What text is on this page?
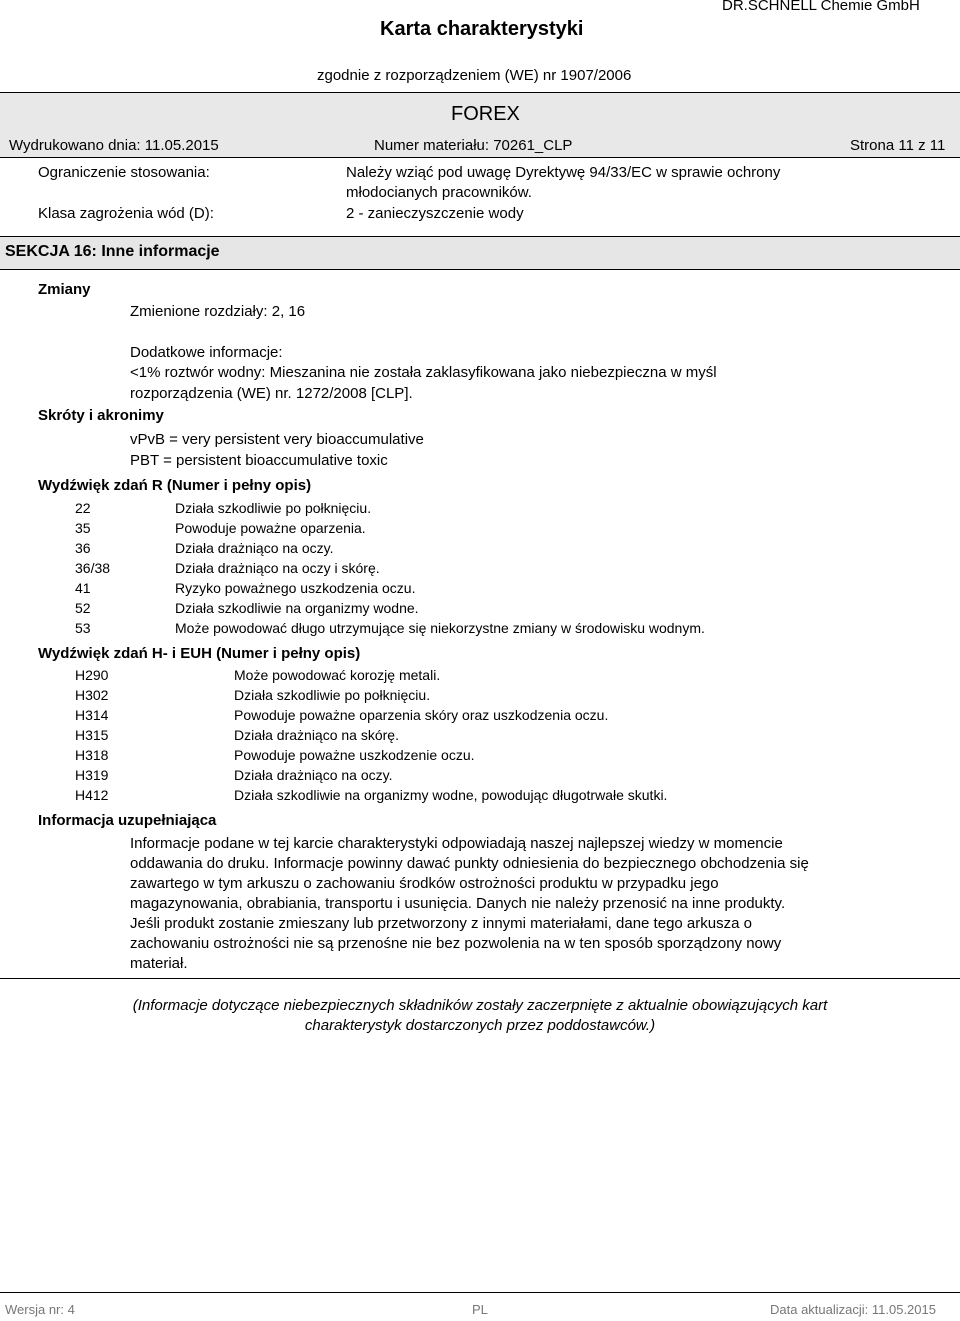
Karta charakterystyki
DR.SCHNELL Chemie GmbH
zgodnie z rozporządzeniem (WE) nr 1907/2006
FOREX
Wydrukowano dnia: 11.05.2015	Numer materiału: 70261_CLP	Strona 11 z 11
Ograniczenie stosowania:	Należy wziąć pod uwagę Dyrektywę 94/33/EC w sprawie ochrony
młodocianych pracowników.
Klasa zagrożenia wód (D):	2 - zanieczyszczenie wody
SEKCJA 16: Inne informacje
Zmiany
Zmienione rozdziały: 2, 16
Dodatkowe informacje:
<1% roztwór wodny: Mieszanina nie została zaklasyfikowana jako niebezpieczna w myśl
rozporządzenia (WE) nr. 1272/2008 [CLP].
Skróty i akronimy
vPvB = very persistent very bioaccumulative
PBT = persistent bioaccumulative toxic
Wydźwięk zdań R (Numer i pełny opis)
22	Działa szkodliwie po połknięciu.
35	Powoduje poważne oparzenia.
36	Działa drażniąco na oczy.
36/38	Działa drażniąco na oczy i skórę.
41	Ryzyko poważnego uszkodzenia oczu.
52	Działa szkodliwie na organizmy wodne.
53	Może powodować długo utrzymujące się niekorzystne zmiany w środowisku wodnym.
Wydźwięk zdań H- i EUH (Numer i pełny opis)
H290	Może powodować korozję metali.
H302	Działa szkodliwie po połknięciu.
H314	Powoduje poważne oparzenia skóry oraz uszkodzenia oczu.
H315	Działa drażniąco na skórę.
H318	Powoduje poważne uszkodzenie oczu.
H319	Działa drażniąco na oczy.
H412	Działa szkodliwie na organizmy wodne, powodując długotrwałe skutki.
Informacja uzupełniająca
Informacje podane w tej karcie charakterystyki odpowiadają naszej najlepszej wiedzy w momencie
oddawania do druku. Informacje powinny dawać punkty odniesienia do bezpiecznego obchodzenia się
zawartego w tym arkuszu o zachowaniu środków ostrożności produktu w przypadku jego
magazynowania, obrabiania, transportu i usunięcia. Danych nie należy przenosić na inne produkty.
Jeśli produkt zostanie zmieszany lub przetworzony z innymi materiałami, dane tego arkusza o
zachowaniu ostrożności nie są przenośne nie bez pozwolenia na w ten sposób sporządzony nowy
materiał.
(Informacje dotyczące niebezpiecznych składników zostały zaczerpnięte z aktualnie obowiązujących kart
charakterystyk dostarczonych przez poddostawców.)
Wersja nr: 4	PL	Data aktualizacji: 11.05.2015
